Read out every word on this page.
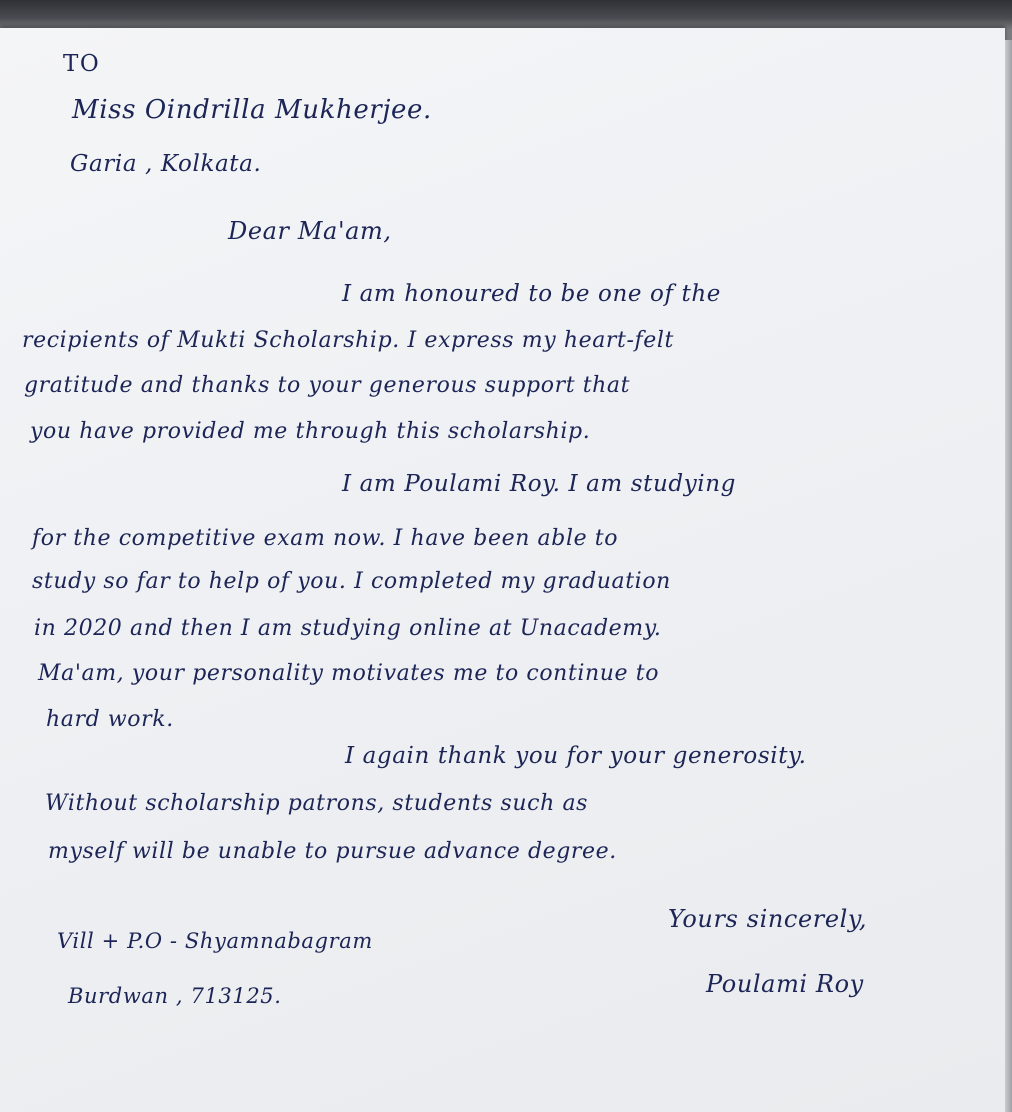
TO

Miss Oindrilla Mukherjee.

Garia , Kolkata.

Dear Ma'am,

I am honoured to be one of the

recipients of Mukti Scholarship. I express my heart-felt

gratitude and thanks to your generous support that

you have provided me through this scholarship.

I am Poulami Roy. I am studying

for the competitive exam now. I have been able to

study so far to help of you. I completed my graduation

in 2020 and then I am studying online at Unacademy.

Ma'am, your personality motivates me to continue to

hard work.

I again thank you for your generosity.

Without scholarship patrons, students such as

myself will be unable to pursue advance degree.

Vill + P.O - Shyamnabagram

Burdwan , 713125.

Yours sincerely,

Poulami Roy
